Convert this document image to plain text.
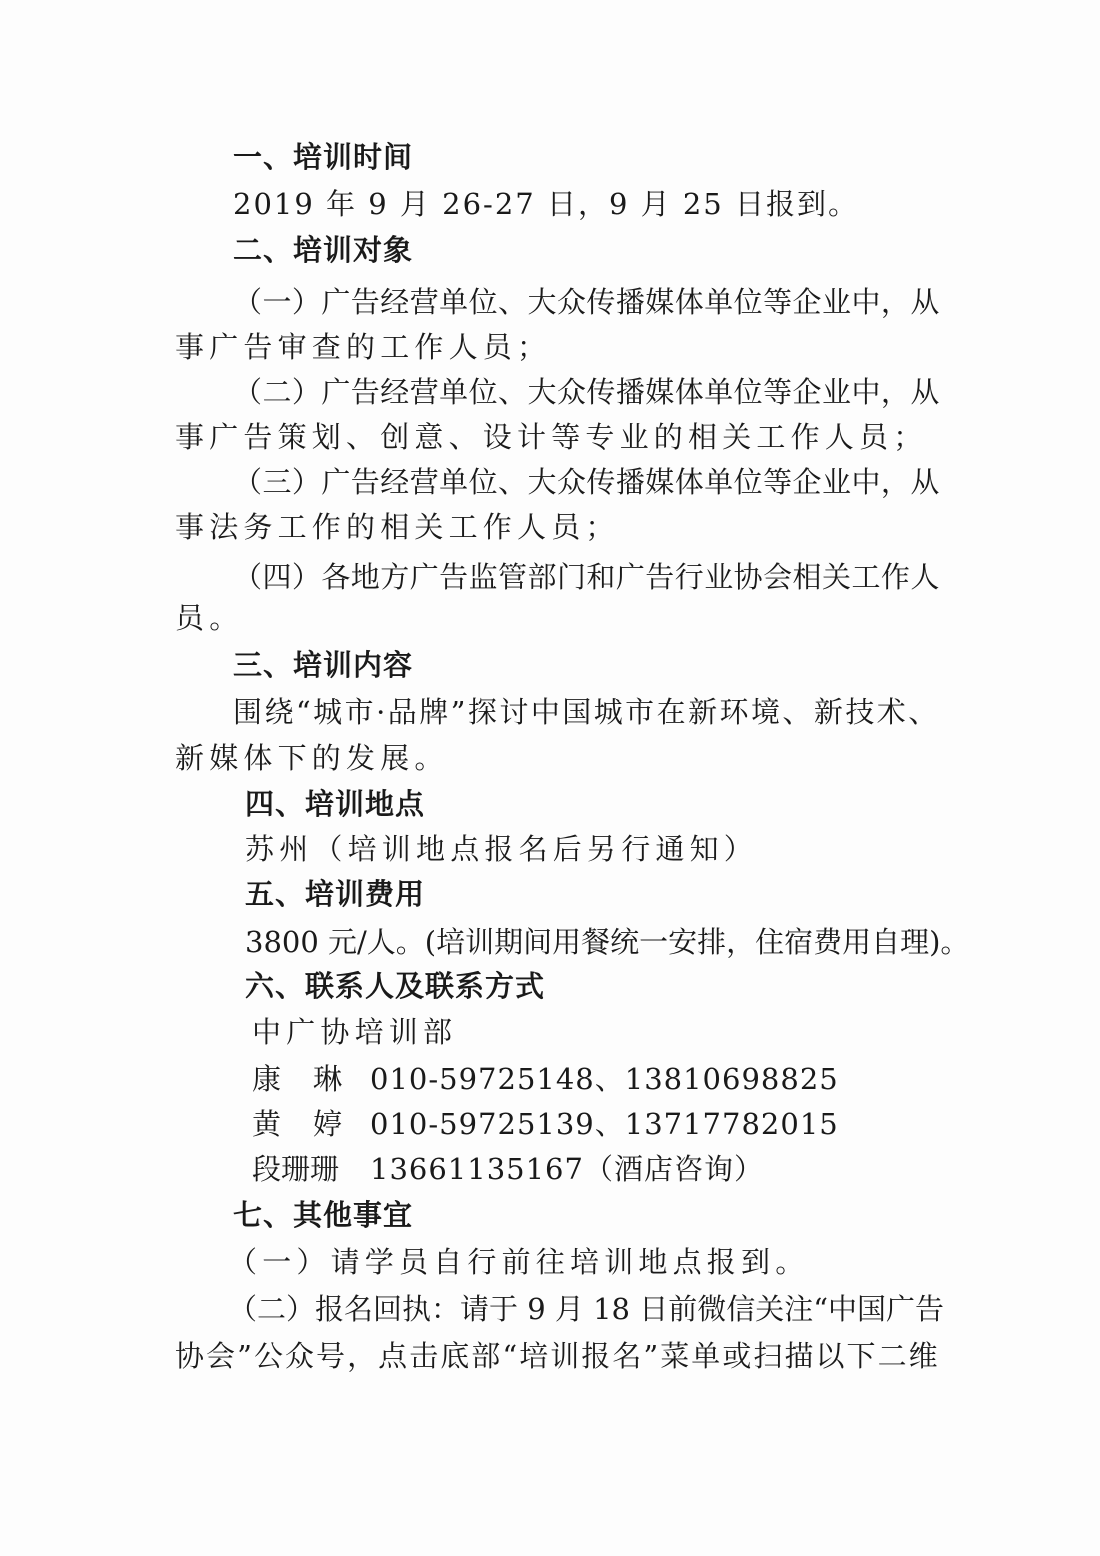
一、培训时间
2019 年 9 月 26-27 日，9 月 25 日报到。
二、培训对象
（一）广告经营单位、大众传播媒体单位等企业中，从
事广告审查的工作人员；
（二）广告经营单位、大众传播媒体单位等企业中，从
事广告策划、创意、设计等专业的相关工作人员；
（三）广告经营单位、大众传播媒体单位等企业中，从
事法务工作的相关工作人员；
（四）各地方广告监管部门和广告行业协会相关工作人
员。
三、培训内容
围绕“城市·品牌”探讨中国城市在新环境、新技术、
新媒体下的发展。
四、培训地点
苏州（培训地点报名后另行通知）
五、培训费用
3800 元/人。(培训期间用餐统一安排，住宿费用自理)。
六、联系人及联系方式
中广协培训部
康琳010-59725148、13810698825
黄婷010-59725139、13717782015
段珊珊 13661135167（酒店咨询）
七、其他事宜
（一）请学员自行前往培训地点报到。
（二）报名回执：请于 9 月 18 日前微信关注“中国广告
协会”公众号，点击底部“培训报名”菜单或扫描以下二维
